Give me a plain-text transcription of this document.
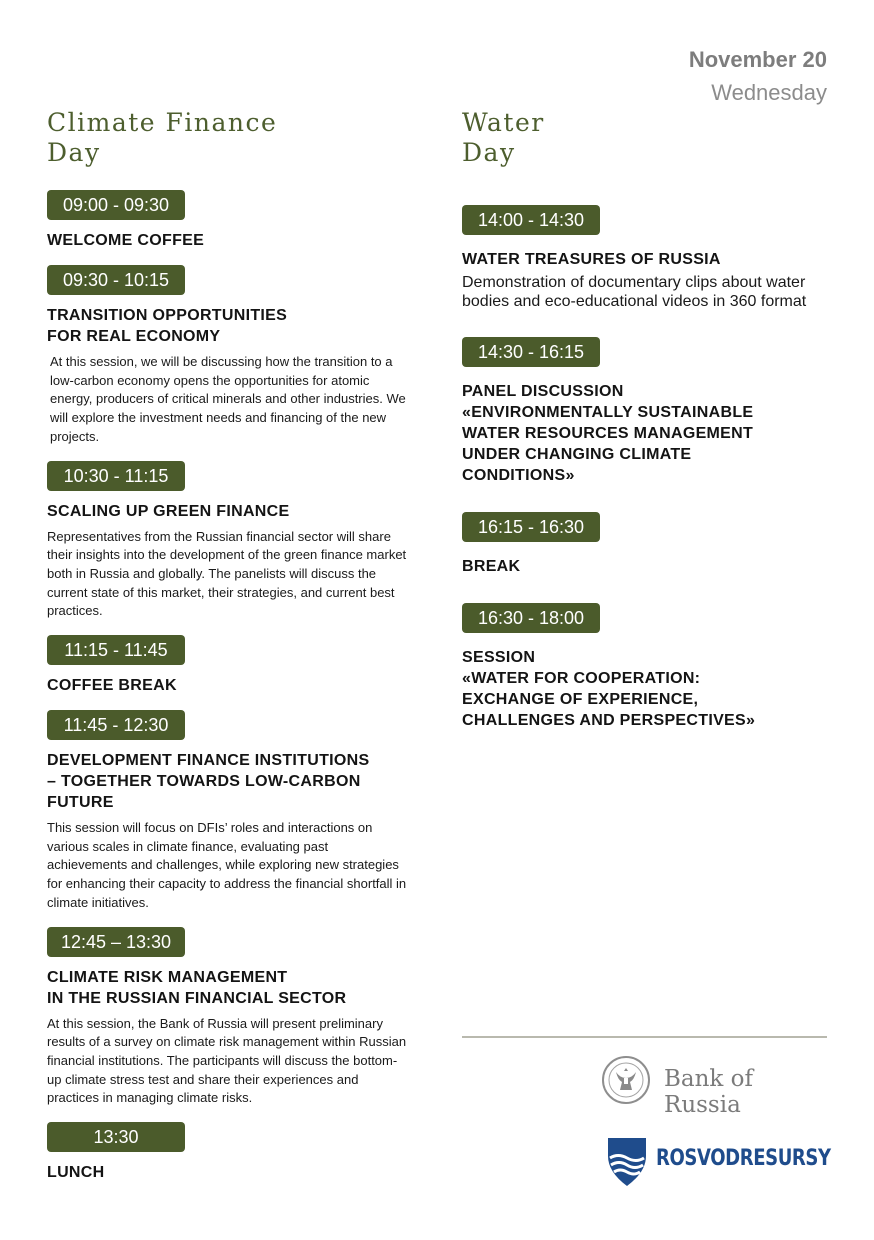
November 20
Wednesday
Climate Finance
Day
09:00 - 09:30
WELCOME COFFEE
09:30 - 10:15
TRANSITION OPPORTUNITIES
FOR REAL ECONOMY
At this session, we will be discussing how the transition to a low-carbon economy opens the opportunities for atomic energy, producers of critical minerals and other industries. We will explore the investment needs and financing of the new projects.
10:30 - 11:15
SCALING UP GREEN FINANCE
Representatives from the Russian financial sector will share their insights into the development of the green finance market both in Russia and globally. The panelists will discuss the current state of this market, their strategies, and current best practices.
11:15 - 11:45
COFFEE BREAK
11:45 - 12:30
DEVELOPMENT FINANCE INSTITUTIONS
– TOGETHER TOWARDS LOW-CARBON
FUTURE
This session will focus on DFIs’ roles and interactions on various scales in climate finance, evaluating past achievements and challenges, while exploring new strategies for enhancing their capacity to address the financial shortfall in climate initiatives.
12:45 – 13:30
CLIMATE RISK MANAGEMENT
IN THE RUSSIAN FINANCIAL SECTOR
At this session, the Bank of Russia will present preliminary results of a survey on climate risk management within Russian financial institutions. The participants will discuss the bottom-up climate stress test and share their experiences and practices in managing climate risks.
13:30
LUNCH
Water
Day
14:00 - 14:30
WATER TREASURES OF RUSSIA
Demonstration of documentary clips about water bodies and eco-educational videos in 360 format
14:30 - 16:15
PANEL DISCUSSION
«ENVIRONMENTALLY SUSTAINABLE
WATER RESOURCES MANAGEMENT
UNDER CHANGING CLIMATE
CONDITIONS»
16:15 - 16:30
BREAK
16:30 - 18:00
SESSION
«WATER FOR COOPERATION:
EXCHANGE OF EXPERIENCE,
CHALLENGES AND PERSPECTIVES»
Bank of Russia
ROSVODRESURSY
